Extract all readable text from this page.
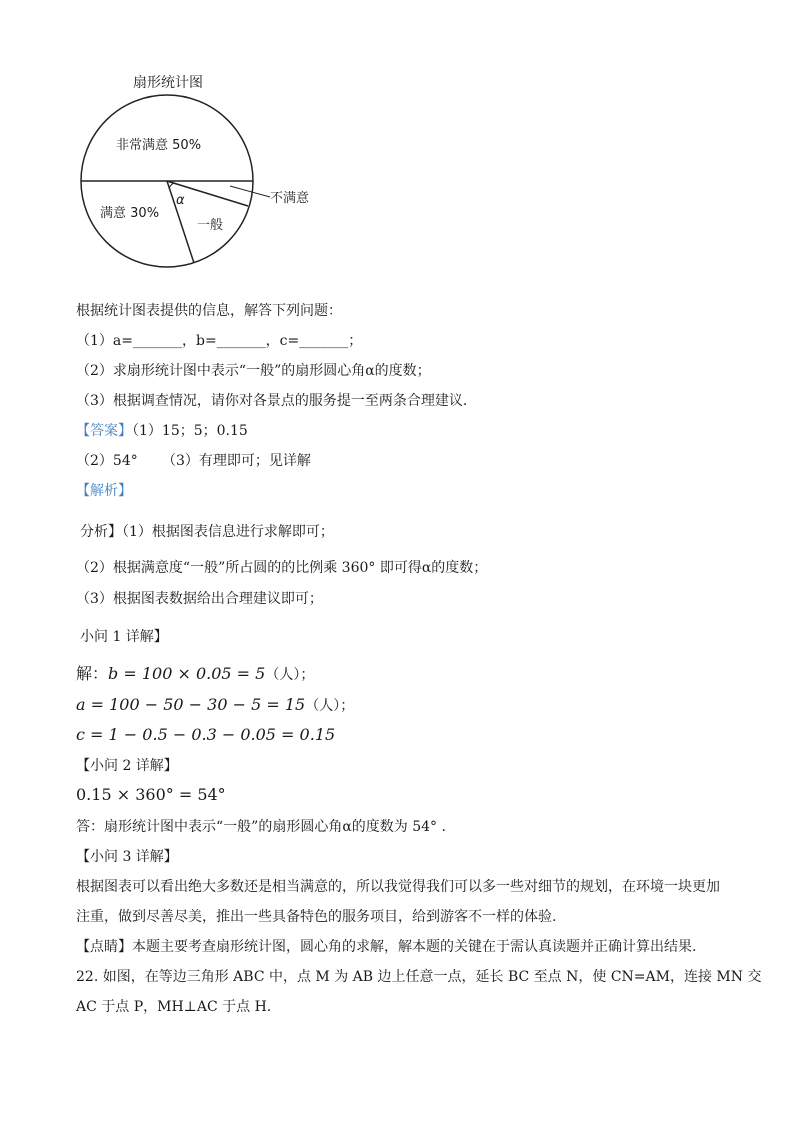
扇形统计图
非常满意 50%
满意 30%
一般
不满意
α
根据统计图表提供的信息，解答下列问题：
（1）a=_______，b=_______，c=_______；
（2）求扇形统计图中表示“一般”的扇形圆心角α的度数；
（3）根据调查情况，请你对各景点的服务提一至两条合理建议.
【答案】（1）15；5；0.15
（2）54° （3）有理即可；见详解
【解析】
分析】（1）根据图表信息进行求解即可；
（2）根据满意度“一般”所占圆的的比例乘 360° 即可得α的度数；
（3）根据图表数据给出合理建议即可；
小问 1 详解】
解：b = 100 × 0.05 = 5（人）；
a = 100 − 50 − 30 − 5 = 15（人）；
c = 1 − 0.5 − 0.3 − 0.05 = 0.15
【小问 2 详解】
0.15 × 360° = 54°
答：扇形统计图中表示“一般”的扇形圆心角α的度数为 54° .
【小问 3 详解】
根据图表可以看出绝大多数还是相当满意的，所以我觉得我们可以多一些对细节的规划，在环境一块更加
注重，做到尽善尽美，推出一些具备特色的服务项目，给到游客不一样的体验.
【点睛】本题主要考查扇形统计图，圆心角的求解，解本题的关键在于需认真读题并正确计算出结果.
22. 如图，在等边三角形 ABC 中，点 M 为 AB 边上任意一点，延长 BC 至点 N，使 CN=AM，连接 MN 交
AC 于点 P，MH⊥AC 于点 H.
